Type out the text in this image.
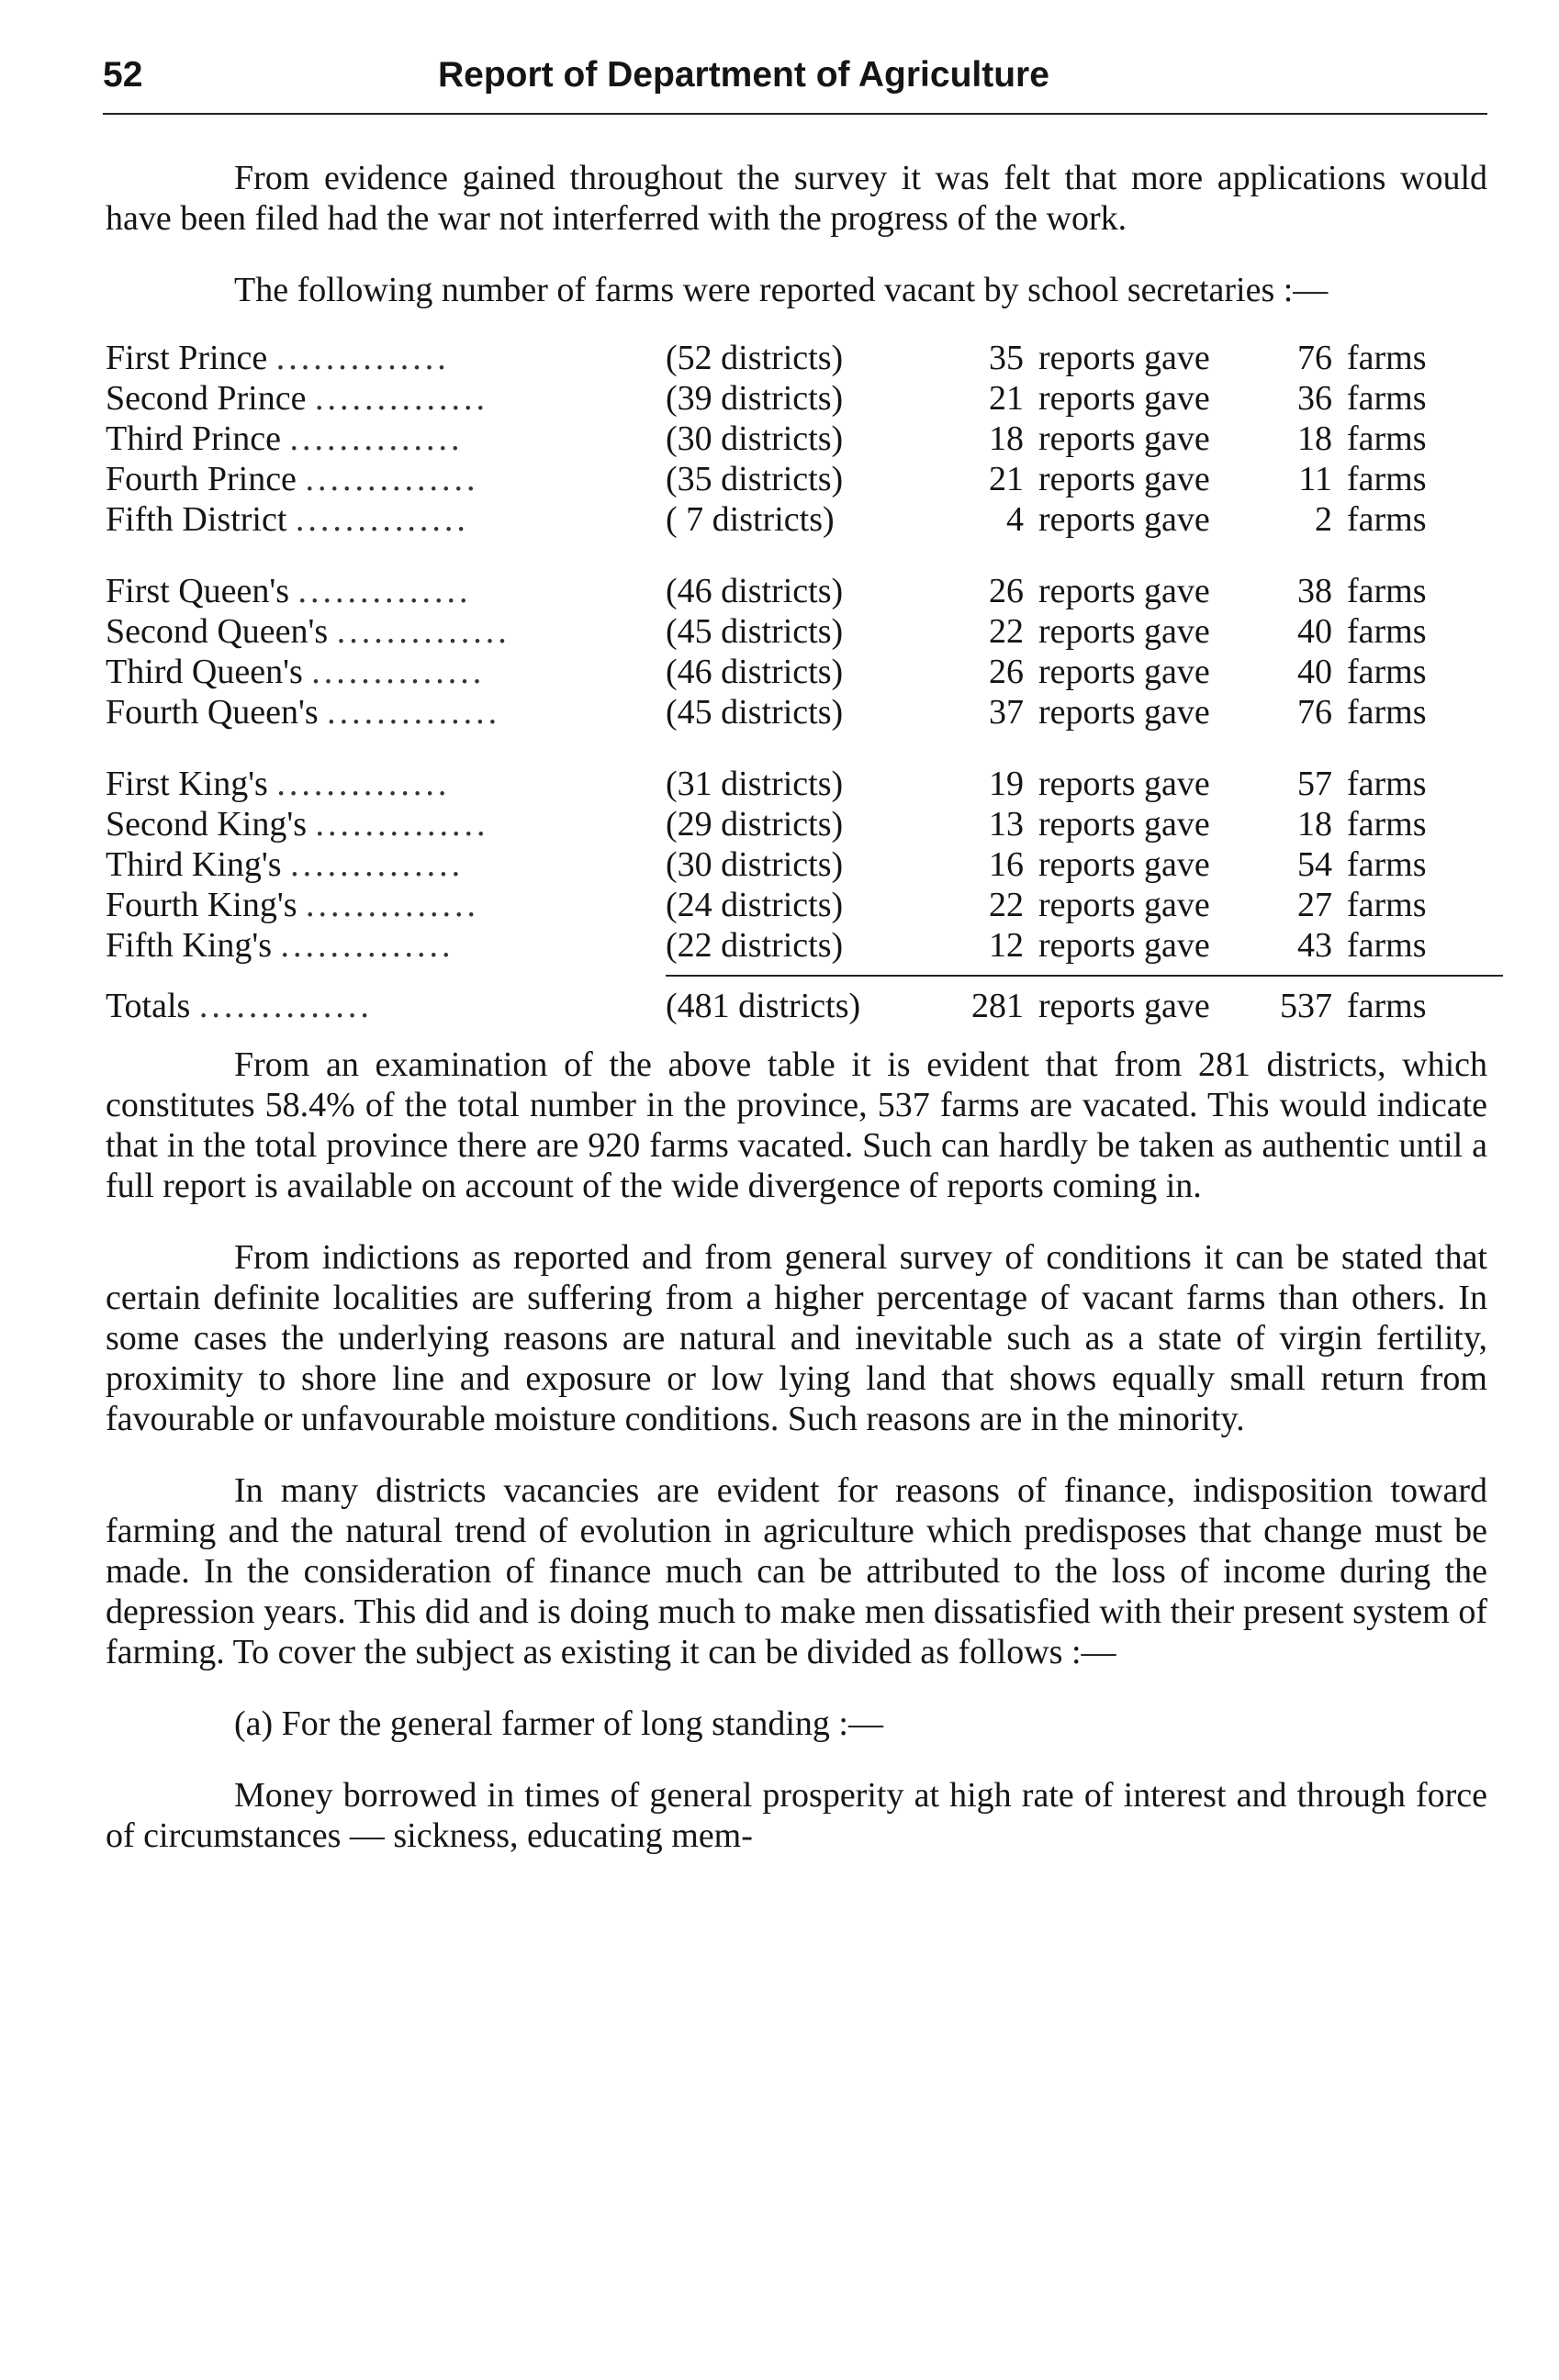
52	Report of Department of Agriculture

From evidence gained throughout the survey it was felt that more applications would have been filed had the war not interferred with the progress of the work.

The following number of farms were reported vacant by school secretaries :—

First Prince ..............	(52 districts)	35	reports gave	76	farms
Second Prince ..............	(39 districts)	21	reports gave	36	farms
Third Prince ..............	(30 districts)	18	reports gave	18	farms
Fourth Prince ..............	(35 districts)	21	reports gave	11	farms
Fifth District ..............	( 7 districts)	4	reports gave	2	farms

First Queen's ..............	(46 districts)	26	reports gave	38	farms
Second Queen's ..............	(45 districts)	22	reports gave	40	farms
Third Queen's ..............	(46 districts)	26	reports gave	40	farms
Fourth Queen's ..............	(45 districts)	37	reports gave	76	farms

First King's ..............	(31 districts)	19	reports gave	57	farms
Second King's ..............	(29 districts)	13	reports gave	18	farms
Third King's ..............	(30 districts)	16	reports gave	54	farms
Fourth King's ..............	(24 districts)	22	reports gave	27	farms
Fifth King's ..............	(22 districts)	12	reports gave	43	farms

Totals ..............	(481 districts)	281	reports gave	537	farms

From an examination of the above table it is evident that from 281 districts, which constitutes 58.4% of the total number in the province, 537 farms are vacated. This would indicate that in the total province there are 920 farms vacated. Such can hardly be taken as authentic until a full report is available on account of the wide divergence of reports coming in.

From indictions as reported and from general survey of conditions it can be stated that certain definite localities are suffering from a higher percentage of vacant farms than others. In some cases the underlying reasons are natural and inevitable such as a state of virgin fertility, proximity to shore line and exposure or low lying land that shows equally small return from favourable or unfavourable moisture conditions. Such reasons are in the minority.

In many districts vacancies are evident for reasons of finance, indisposition toward farming and the natural trend of evolution in agriculture which predisposes that change must be made. In the consideration of finance much can be attributed to the loss of income during the depression years. This did and is doing much to make men dissatisfied with their present system of farming. To cover the subject as existing it can be divided as follows :—

(a) For the general farmer of long standing :—

Money borrowed in times of general prosperity at high rate of interest and through force of circumstances — sickness, educating mem-
